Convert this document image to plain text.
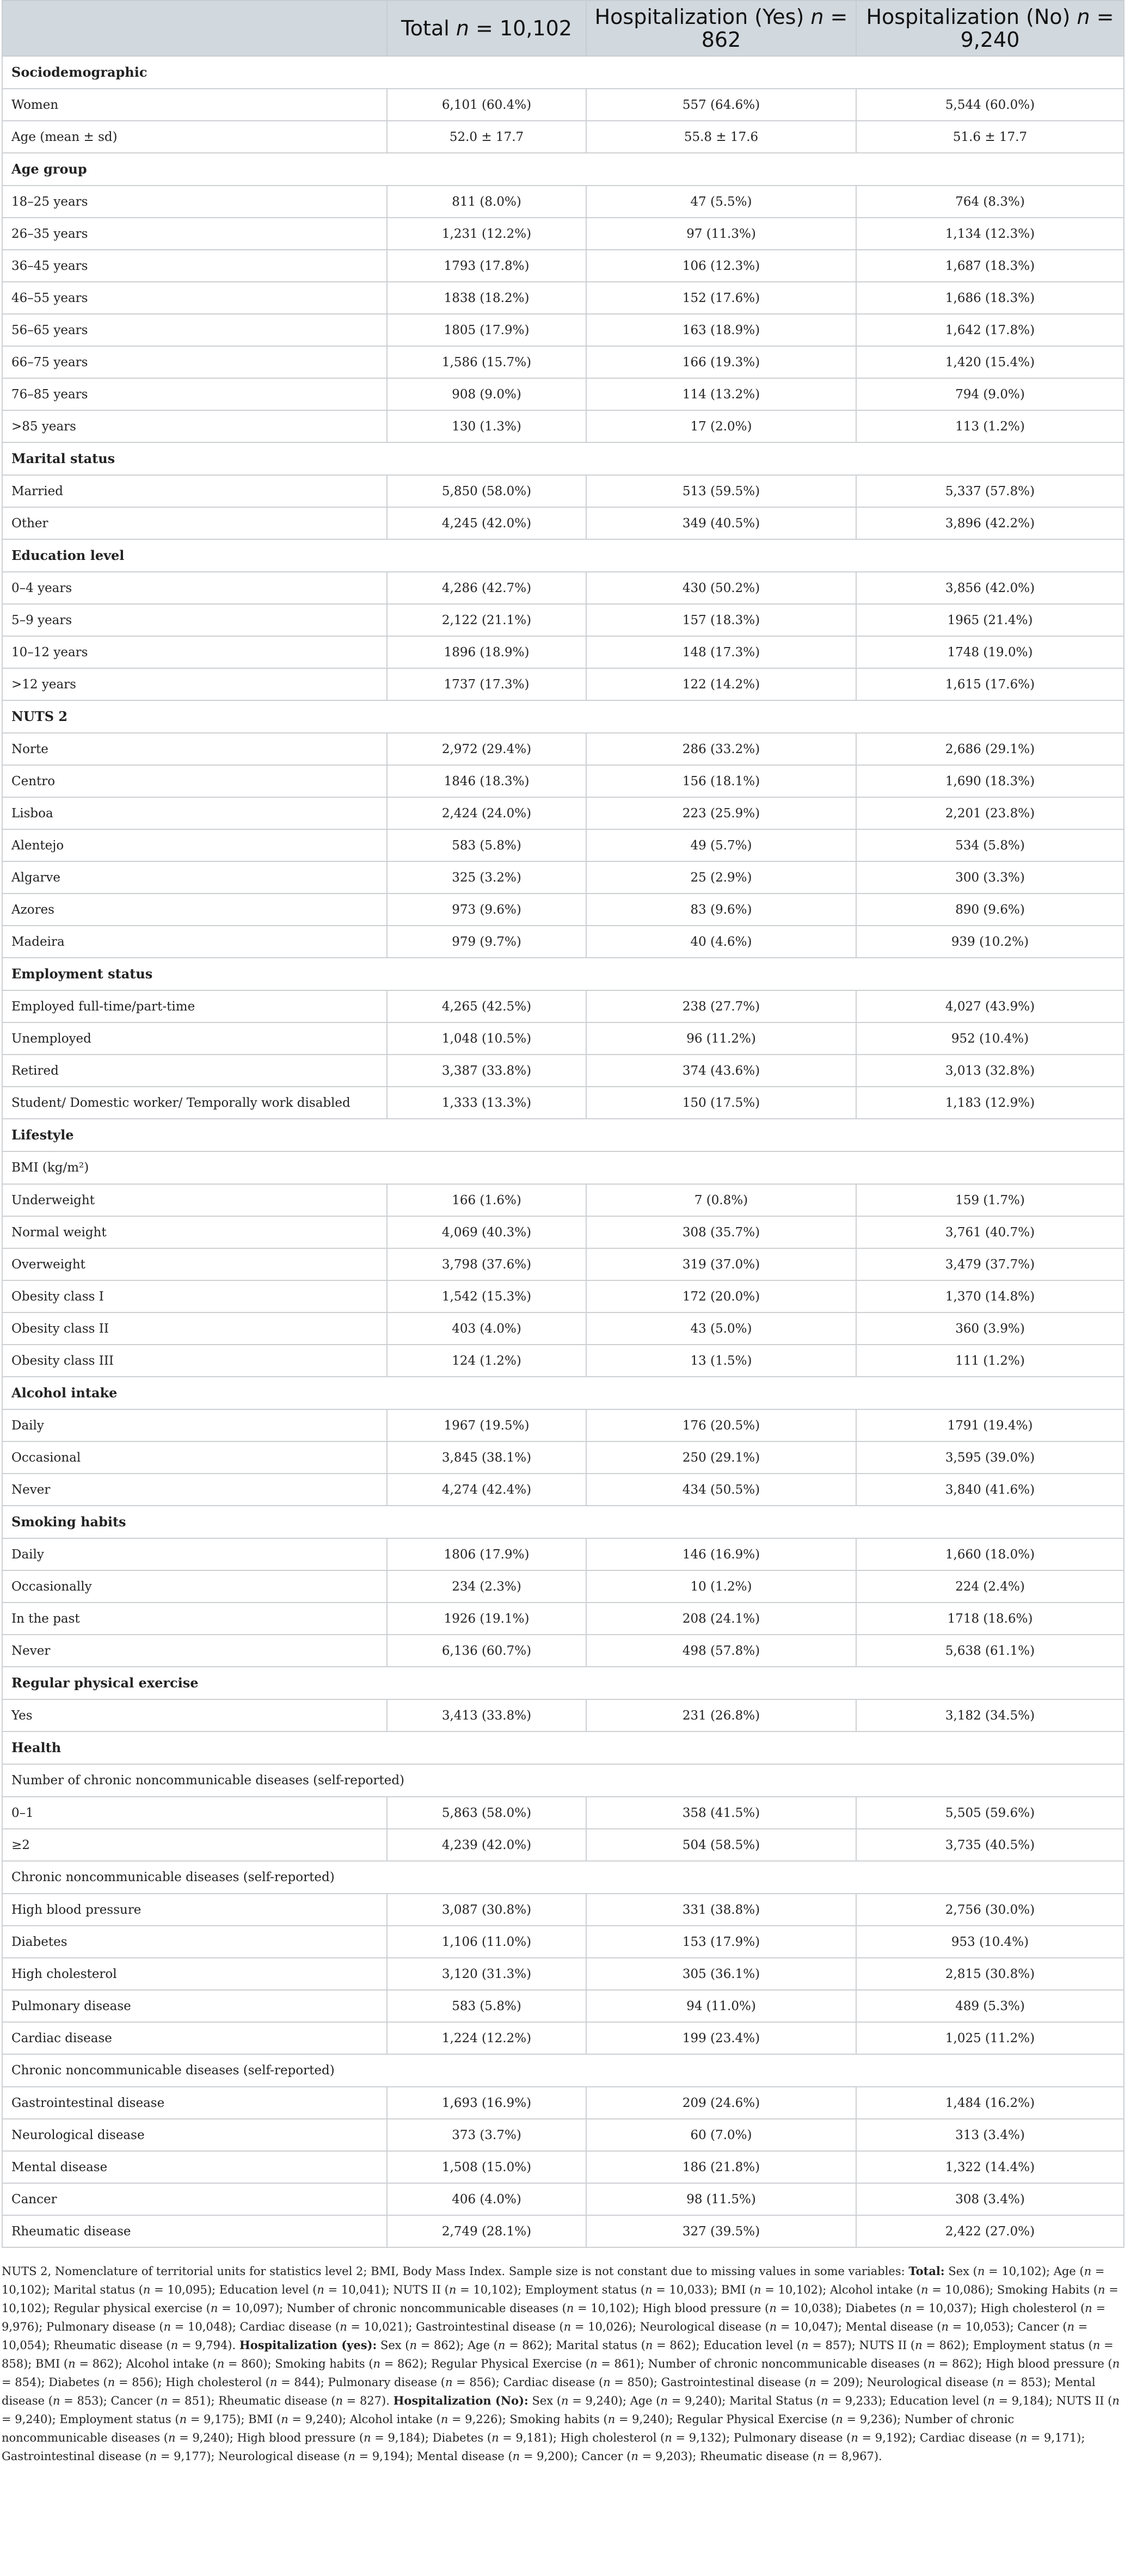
	Total n = 10,102	Hospitalization (Yes) n = 862	Hospitalization (No) n = 9,240
Sociodemographic			
Women	6,101 (60.4%)	557 (64.6%)	5,544 (60.0%)
Age (mean ± sd)	52.0 ± 17.7	55.8 ± 17.6	51.6 ± 17.7
Age group			
18–25 years	811 (8.0%)	47 (5.5%)	764 (8.3%)
26–35 years	1,231 (12.2%)	97 (11.3%)	1,134 (12.3%)
36–45 years	1793 (17.8%)	106 (12.3%)	1,687 (18.3%)
46–55 years	1838 (18.2%)	152 (17.6%)	1,686 (18.3%)
56–65 years	1805 (17.9%)	163 (18.9%)	1,642 (17.8%)
66–75 years	1,586 (15.7%)	166 (19.3%)	1,420 (15.4%)
76–85 years	908 (9.0%)	114 (13.2%)	794 (9.0%)
>85 years	130 (1.3%)	17 (2.0%)	113 (1.2%)
Marital status			
Married	5,850 (58.0%)	513 (59.5%)	5,337 (57.8%)
Other	4,245 (42.0%)	349 (40.5%)	3,896 (42.2%)
Education level			
0–4 years	4,286 (42.7%)	430 (50.2%)	3,856 (42.0%)
5–9 years	2,122 (21.1%)	157 (18.3%)	1965 (21.4%)
10–12 years	1896 (18.9%)	148 (17.3%)	1748 (19.0%)
>12 years	1737 (17.3%)	122 (14.2%)	1,615 (17.6%)
NUTS 2			
Norte	2,972 (29.4%)	286 (33.2%)	2,686 (29.1%)
Centro	1846 (18.3%)	156 (18.1%)	1,690 (18.3%)
Lisboa	2,424 (24.0%)	223 (25.9%)	2,201 (23.8%)
Alentejo	583 (5.8%)	49 (5.7%)	534 (5.8%)
Algarve	325 (3.2%)	25 (2.9%)	300 (3.3%)
Azores	973 (9.6%)	83 (9.6%)	890 (9.6%)
Madeira	979 (9.7%)	40 (4.6%)	939 (10.2%)
Employment status			
Employed full-time/part-time	4,265 (42.5%)	238 (27.7%)	4,027 (43.9%)
Unemployed	1,048 (10.5%)	96 (11.2%)	952 (10.4%)
Retired	3,387 (33.8%)	374 (43.6%)	3,013 (32.8%)
Student/ Domestic worker/ Temporally work disabled	1,333 (13.3%)	150 (17.5%)	1,183 (12.9%)
Lifestyle			
BMI (kg/m²)			
Underweight	166 (1.6%)	7 (0.8%)	159 (1.7%)
Normal weight	4,069 (40.3%)	308 (35.7%)	3,761 (40.7%)
Overweight	3,798 (37.6%)	319 (37.0%)	3,479 (37.7%)
Obesity class I	1,542 (15.3%)	172 (20.0%)	1,370 (14.8%)
Obesity class II	403 (4.0%)	43 (5.0%)	360 (3.9%)
Obesity class III	124 (1.2%)	13 (1.5%)	111 (1.2%)
Alcohol intake			
Daily	1967 (19.5%)	176 (20.5%)	1791 (19.4%)
Occasional	3,845 (38.1%)	250 (29.1%)	3,595 (39.0%)
Never	4,274 (42.4%)	434 (50.5%)	3,840 (41.6%)
Smoking habits			
Daily	1806 (17.9%)	146 (16.9%)	1,660 (18.0%)
Occasionally	234 (2.3%)	10 (1.2%)	224 (2.4%)
In the past	1926 (19.1%)	208 (24.1%)	1718 (18.6%)
Never	6,136 (60.7%)	498 (57.8%)	5,638 (61.1%)
Regular physical exercise			
Yes	3,413 (33.8%)	231 (26.8%)	3,182 (34.5%)
Health			
Number of chronic noncommunicable diseases (self-reported)			
0–1	5,863 (58.0%)	358 (41.5%)	5,505 (59.6%)
≥2	4,239 (42.0%)	504 (58.5%)	3,735 (40.5%)
Chronic noncommunicable diseases (self-reported)			
High blood pressure	3,087 (30.8%)	331 (38.8%)	2,756 (30.0%)
Diabetes	1,106 (11.0%)	153 (17.9%)	953 (10.4%)
High cholesterol	3,120 (31.3%)	305 (36.1%)	2,815 (30.8%)
Pulmonary disease	583 (5.8%)	94 (11.0%)	489 (5.3%)
Cardiac disease	1,224 (12.2%)	199 (23.4%)	1,025 (11.2%)
Chronic noncommunicable diseases (self-reported)			
Gastrointestinal disease	1,693 (16.9%)	209 (24.6%)	1,484 (16.2%)
Neurological disease	373 (3.7%)	60 (7.0%)	313 (3.4%)
Mental disease	1,508 (15.0%)	186 (21.8%)	1,322 (14.4%)
Cancer	406 (4.0%)	98 (11.5%)	308 (3.4%)
Rheumatic disease	2,749 (28.1%)	327 (39.5%)	2,422 (27.0%)
NUTS 2, Nomenclature of territorial units for statistics level 2; BMI, Body Mass Index. Sample size is not constant due to missing values in some variables: Total: Sex (n = 10,102); Age (n = 10,102); Marital status (n = 10,095); Education level (n = 10,041); NUTS II (n = 10,102); Employment status (n = 10,033); BMI (n = 10,102); Alcohol intake (n = 10,086); Smoking Habits (n = 10,102); Regular physical exercise (n = 10,097); Number of chronic noncommunicable diseases (n = 10,102); High blood pressure (n = 10,038); Diabetes (n = 10,037); High cholesterol (n = 9,976); Pulmonary disease (n = 10,048); Cardiac disease (n = 10,021); Gastrointestinal disease (n = 10,026); Neurological disease (n = 10,047); Mental disease (n = 10,053); Cancer (n = 10,054); Rheumatic disease (n = 9,794). Hospitalization (yes): Sex (n = 862); Age (n = 862); Marital status (n = 862); Education level (n = 857); NUTS II (n = 862); Employment status (n = 858); BMI (n = 862); Alcohol intake (n = 860); Smoking habits (n = 862); Regular Physical Exercise (n = 861); Number of chronic noncommunicable diseases (n = 862); High blood pressure (n = 854); Diabetes (n = 856); High cholesterol (n = 844); Pulmonary disease (n = 856); Cardiac disease (n = 850); Gastrointestinal disease (n = 209); Neurological disease (n = 853); Mental disease (n = 853); Cancer (n = 851); Rheumatic disease (n = 827). Hospitalization (No): Sex (n = 9,240); Age (n = 9,240); Marital Status (n = 9,233); Education level (n = 9,184); NUTS II (n = 9,240); Employment status (n = 9,175); BMI (n = 9,240); Alcohol intake (n = 9,226); Smoking habits (n = 9,240); Regular Physical Exercise (n = 9,236); Number of chronic noncommunicable diseases (n = 9,240); High blood pressure (n = 9,184); Diabetes (n = 9,181); High cholesterol (n = 9,132); Pulmonary disease (n = 9,192); Cardiac disease (n = 9,171); Gastrointestinal disease (n = 9,177); Neurological disease (n = 9,194); Mental disease (n = 9,200); Cancer (n = 9,203); Rheumatic disease (n = 8,967).
